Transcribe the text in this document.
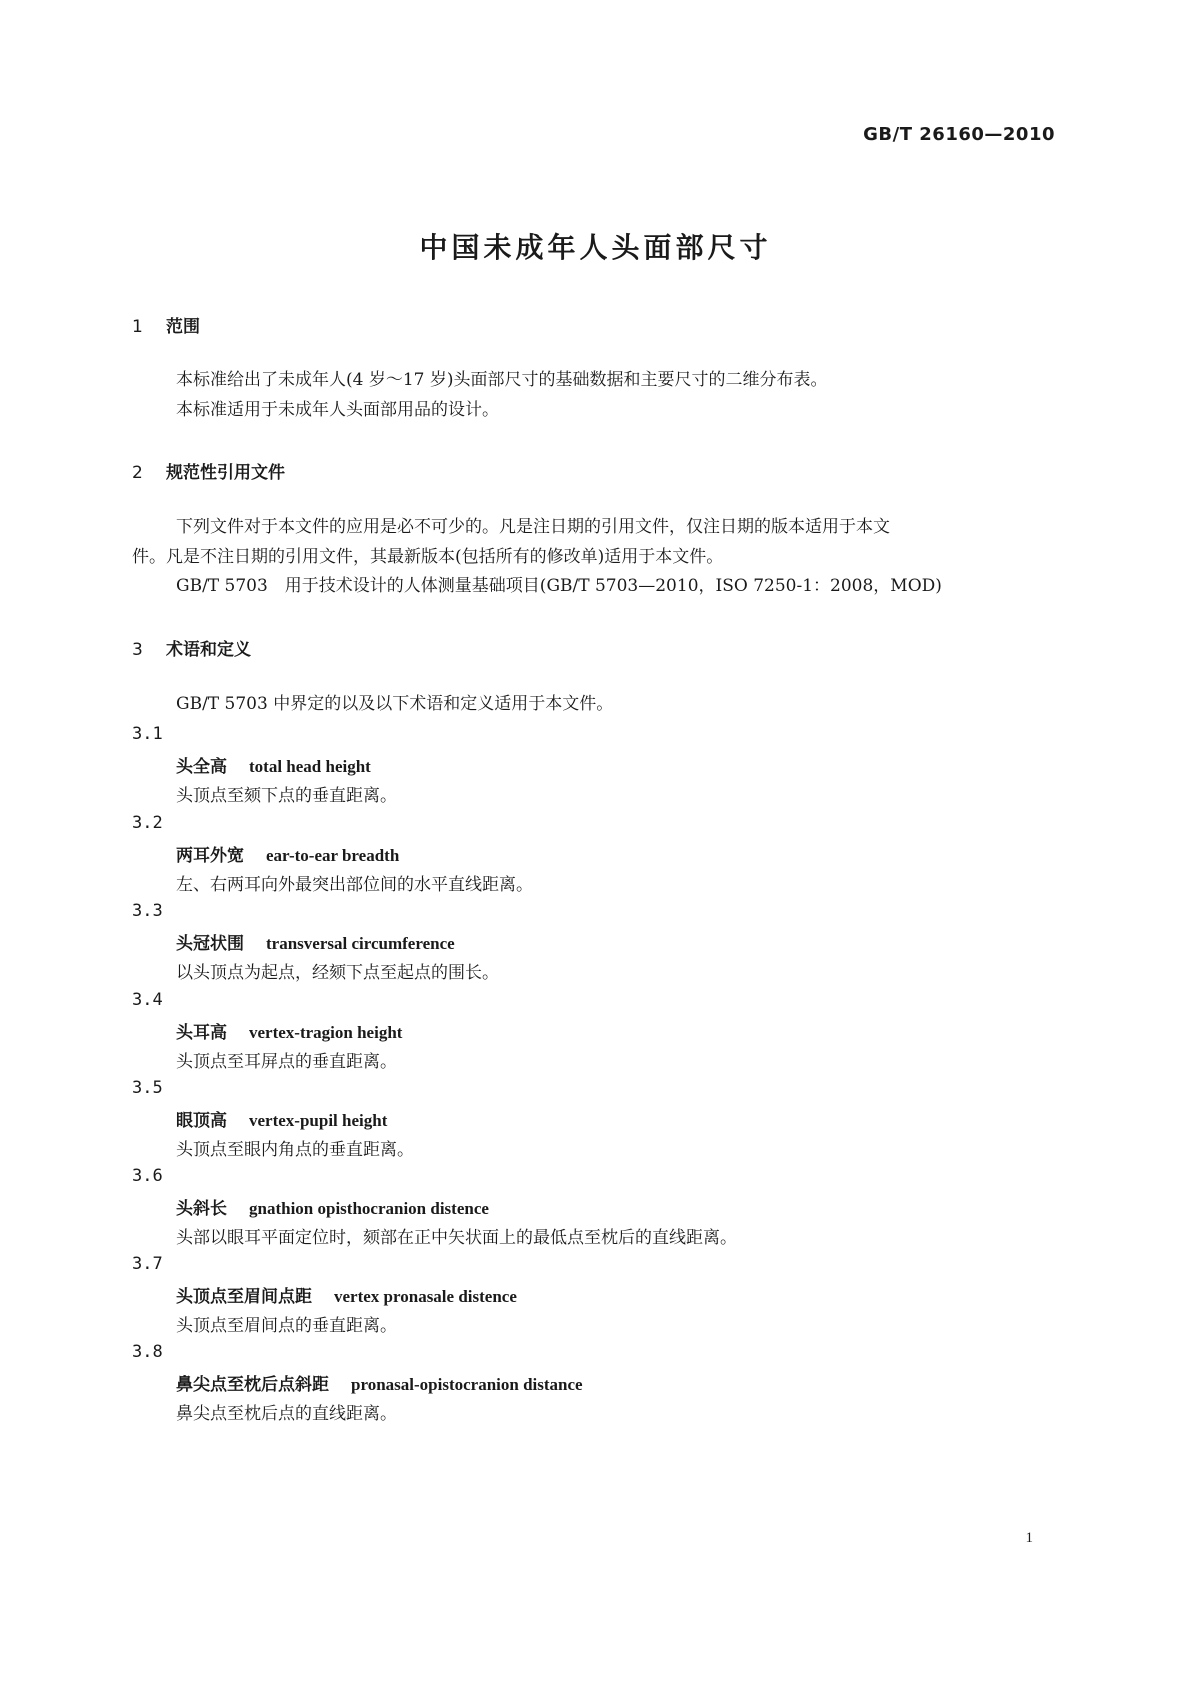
GB/T 26160—2010
中国未成年人头面部尺寸
1 范围
本标准给出了未成年人(4 岁～17 岁)头面部尺寸的基础数据和主要尺寸的二维分布表。
本标准适用于未成年人头面部用品的设计。
2 规范性引用文件
下列文件对于本文件的应用是必不可少的。凡是注日期的引用文件，仅注日期的版本适用于本文
件。凡是不注日期的引用文件，其最新版本(包括所有的修改单)适用于本文件。
GB/T 5703　用于技术设计的人体测量基础项目(GB/T 5703—2010，ISO 7250-1：2008，MOD)
3 术语和定义
GB/T 5703 中界定的以及以下术语和定义适用于本文件。
3.1
头全高 total head height
头顶点至颏下点的垂直距离。
3.2
两耳外宽 ear-to-ear breadth
左、右两耳向外最突出部位间的水平直线距离。
3.3
头冠状围 transversal circumference
以头顶点为起点，经颏下点至起点的围长。
3.4
头耳高 vertex-tragion height
头顶点至耳屏点的垂直距离。
3.5
眼顶高 vertex-pupil height
头顶点至眼内角点的垂直距离。
3.6
头斜长 gnathion opisthocranion distence
头部以眼耳平面定位时，颏部在正中矢状面上的最低点至枕后的直线距离。
3.7
头顶点至眉间点距 vertex pronasale distence
头顶点至眉间点的垂直距离。
3.8
鼻尖点至枕后点斜距 pronasal-opistocranion distance
鼻尖点至枕后点的直线距离。
1
